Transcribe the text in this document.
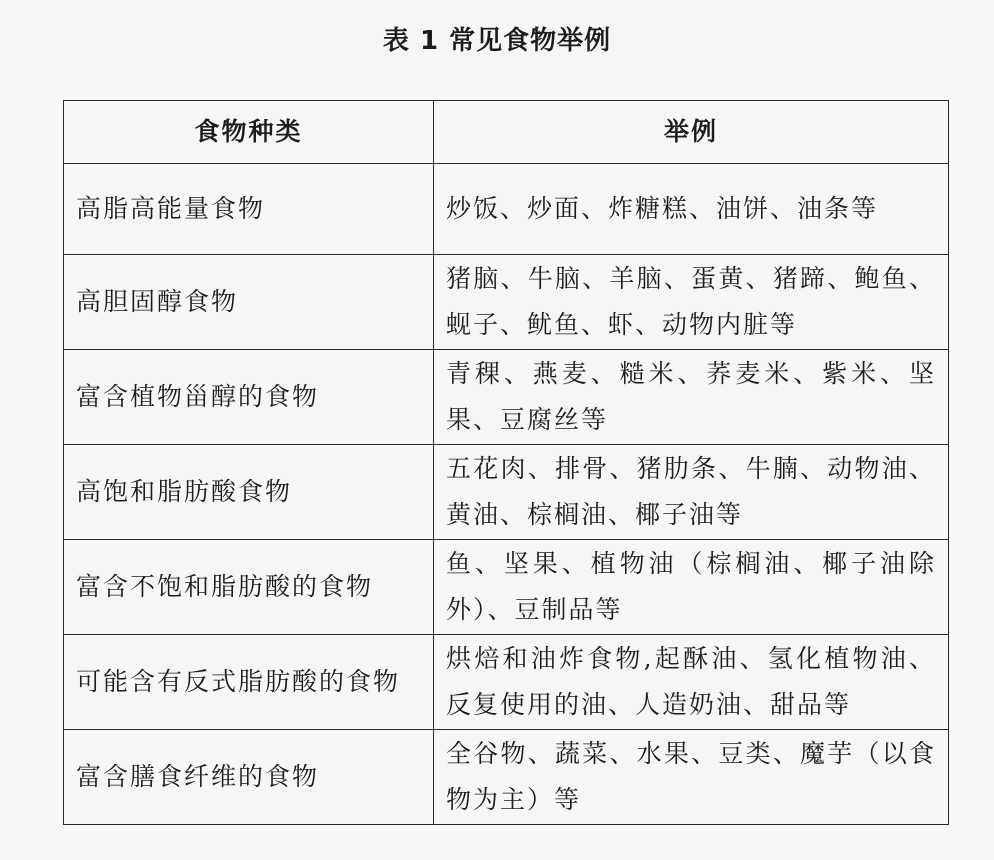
表 1 常见食物举例
食物种类	举例
高脂高能量食物	炒饭、炒面、炸糖糕、油饼、油条等
高胆固醇食物	猪脑、牛脑、羊脑、蛋黄、猪蹄、鲍鱼、蚬子、鱿鱼、虾、动物内脏等
富含植物甾醇的食物	青稞、燕麦、糙米、荞麦米、紫米、坚果、豆腐丝等
高饱和脂肪酸食物	五花肉、排骨、猪肋条、牛腩、动物油、黄油、棕榈油、椰子油等
富含不饱和脂肪酸的食物	鱼、坚果、植物油（棕榈油、椰子油除外）、豆制品等
可能含有反式脂肪酸的食物	烘焙和油炸食物,起酥油、氢化植物油、反复使用的油、人造奶油、甜品等
富含膳食纤维的食物	全谷物、蔬菜、水果、豆类、魔芋（以食物为主）等
